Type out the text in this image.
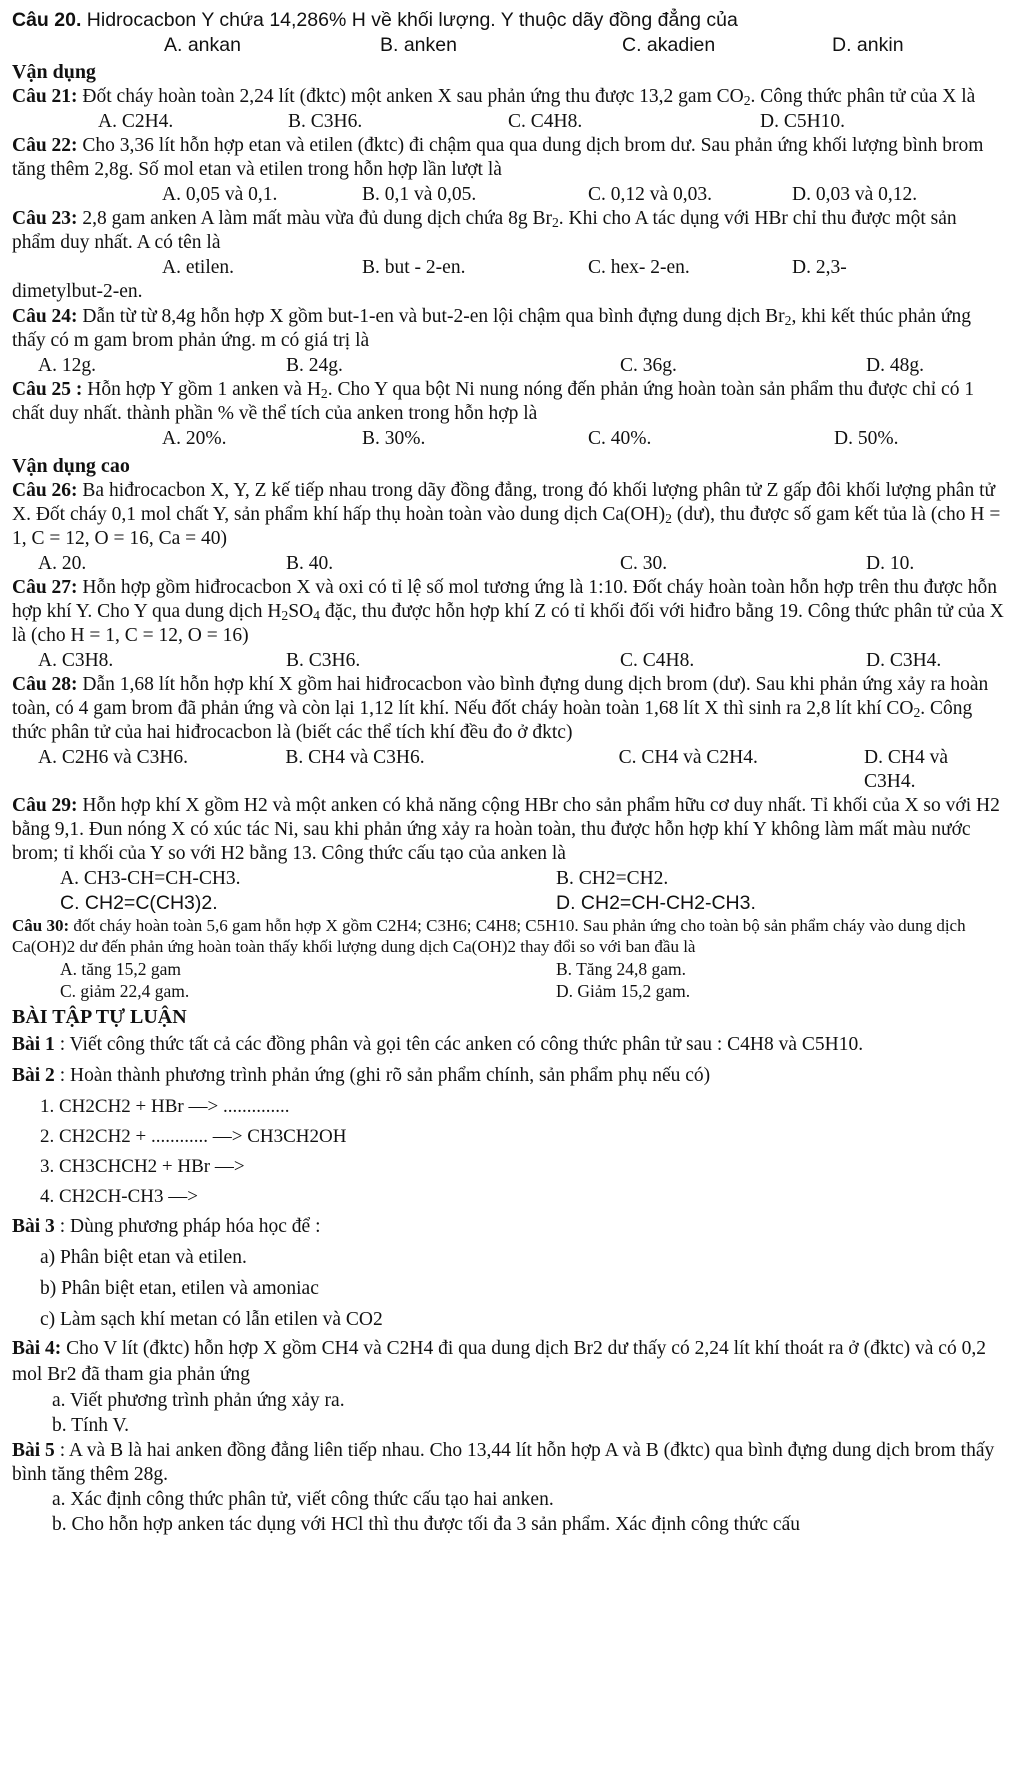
Câu 20. Hidrocacbon Y chứa 14,286% H về khối lượng. Y thuộc dãy đồng đẳng của
A. ankan	B. anken	C. akadien	D. ankin
Vận dụng
Câu 21: Đốt cháy hoàn toàn 2,24 lít (đktc) một anken X sau phản ứng thu được 13,2 gam $CO_2$. Công thức phân tử của X là
A. C2H4.	B. C3H6.	C. C4H8.	D. C5H10.
Câu 22: Cho 3,36 lít hỗn hợp etan và etilen (đktc) đi chậm qua qua dung dịch brom dư. Sau phản ứng khối lượng bình brom tăng thêm 2,8g. Số mol etan và etilen trong hỗn hợp lần lượt là
A. 0,05 và 0,1.	B. 0,1 và 0,05.	C. 0,12 và 0,03.	D. 0,03 và 0,12.
Câu 23: 2,8 gam anken A làm mất màu vừa đủ dung dịch chứa 8g $Br_2$. Khi cho A tác dụng với HBr chỉ thu được một sản phẩm duy nhất. A có tên là
A. etilen.	B. but - 2-en.	C. hex- 2-en.	D. 2,3-
dimetylbut-2-en.
Câu 24: Dẫn từ từ 8,4g hỗn hợp X gồm but-1-en và but-2-en lội chậm qua bình đựng dung dịch $Br_2$, khi kết thúc phản ứng thấy có m gam brom phản ứng. m có giá trị là
A. 12g.	B. 24g.	C. 36g.	D. 48g.
Câu 25 : Hỗn hợp Y gồm 1 anken và $H_2$. Cho Y qua bột Ni nung nóng đến phản ứng hoàn toàn sản phẩm thu được chỉ có 1 chất duy nhất. thành phần % về thể tích của anken trong hỗn hợp là
A. 20%.	B. 30%.	C. 40%.	D. 50%.
Vận dụng cao
Câu 26: Ba hiđrocacbon X, Y, Z kế tiếp nhau trong dãy đồng đẳng, trong đó khối lượng phân tử Z gấp đôi khối lượng phân tử X. Đốt cháy 0,1 mol chất Y, sản phẩm khí hấp thụ hoàn toàn vào dung dịch $Ca(OH)_2$ (dư), thu được số gam kết tủa là (cho H = 1, C = 12, O = 16, Ca = 40)
A. 20.	B. 40.	C. 30.	D. 10.
Câu 27: Hỗn hợp gồm hiđrocacbon X và oxi có tỉ lệ số mol tương ứng là 1:10. Đốt cháy hoàn toàn hỗn hợp trên thu được hỗn hợp khí Y. Cho Y qua dung dịch $H_2SO_4$ đặc, thu được hỗn hợp khí Z có tỉ khối đối với hiđro bằng 19. Công thức phân tử của X là (cho H = 1, C = 12, O = 16)
A. C3H8.	B. C3H6.	C. C4H8.	D. C3H4.
Câu 28: Dẫn 1,68 lít hỗn hợp khí X gồm hai hiđrocacbon vào bình đựng dung dịch brom (dư). Sau khi phản ứng xảy ra hoàn toàn, có 4 gam brom đã phản ứng và còn lại 1,12 lít khí. Nếu đốt cháy hoàn toàn 1,68 lít X thì sinh ra 2,8 lít khí $CO_2$. Công thức phân tử của hai hiđrocacbon là (biết các thể tích khí đều đo ở đktc)
A. C2H6 và C3H6.	B. CH4 và C3H6.	C. CH4 và C2H4.	D. CH4 và C3H4.
Câu 29: Hỗn hợp khí X gồm H2 và một anken có khả năng cộng HBr cho sản phẩm hữu cơ duy nhất. Tỉ khối của X so với H2 bằng 9,1. Đun nóng X có xúc tác Ni, sau khi phản ứng xảy ra hoàn toàn, thu được hỗn hợp khí Y không làm mất màu nước brom; tỉ khối của Y so với H2 bằng 13. Công thức cấu tạo của anken là
A. CH3-CH=CH-CH3.	B. CH2=CH2.
C. CH2=C(CH3)2.	D. CH2=CH-CH2-CH3.
Câu 30: đốt cháy hoàn toàn 5,6 gam hỗn hợp X gồm C2H4; C3H6; C4H8; C5H10. Sau phản ứng cho toàn bộ sản phẩm cháy vào dung dịch Ca(OH)2 dư đến phản ứng hoàn toàn thấy khối lượng dung dịch Ca(OH)2 thay đổi so với ban đầu là
A. tăng 15,2 gam	B. Tăng 24,8 gam.
C. giảm 22,4 gam.	D. Giảm 15,2 gam.
BÀI TẬP TỰ LUẬN
Bài 1 : Viết công thức tất cả các đồng phân và gọi tên các anken có công thức phân tử sau : C4H8 và C5H10.
Bài 2 : Hoàn thành phương trình phản ứng (ghi rõ sản phẩm chính, sản phẩm phụ nếu có)
1. CH2CH2 + HBr —> ..............
2. CH2CH2 + ............ —> CH3CH2OH
3. CH3CHCH2 + HBr —>
4. CH2CH-CH3 —>
Bài 3 : Dùng phương pháp hóa học để :
a) Phân biệt etan và etilen.
b) Phân biệt etan, etilen và amoniac
c) Làm sạch khí metan có lẫn etilen và CO2
Bài 4: Cho V lít (đktc) hỗn hợp X gồm CH4 và C2H4 đi qua dung dịch Br2 dư thấy có 2,24 lít khí thoát ra ở (đktc) và có 0,2 mol Br2 đã tham gia phản ứng
a. Viết phương trình phản ứng xảy ra.
b. Tính V.
Bài 5 : A và B là hai anken đồng đẳng liên tiếp nhau. Cho 13,44 lít hỗn hợp A và B (đktc) qua bình đựng dung dịch brom thấy bình tăng thêm 28g.
a. Xác định công thức phân tử, viết công thức cấu tạo hai anken.
b. Cho hỗn hợp anken tác dụng với HCl thì thu được tối đa 3 sản phẩm. Xác định công thức cấu
